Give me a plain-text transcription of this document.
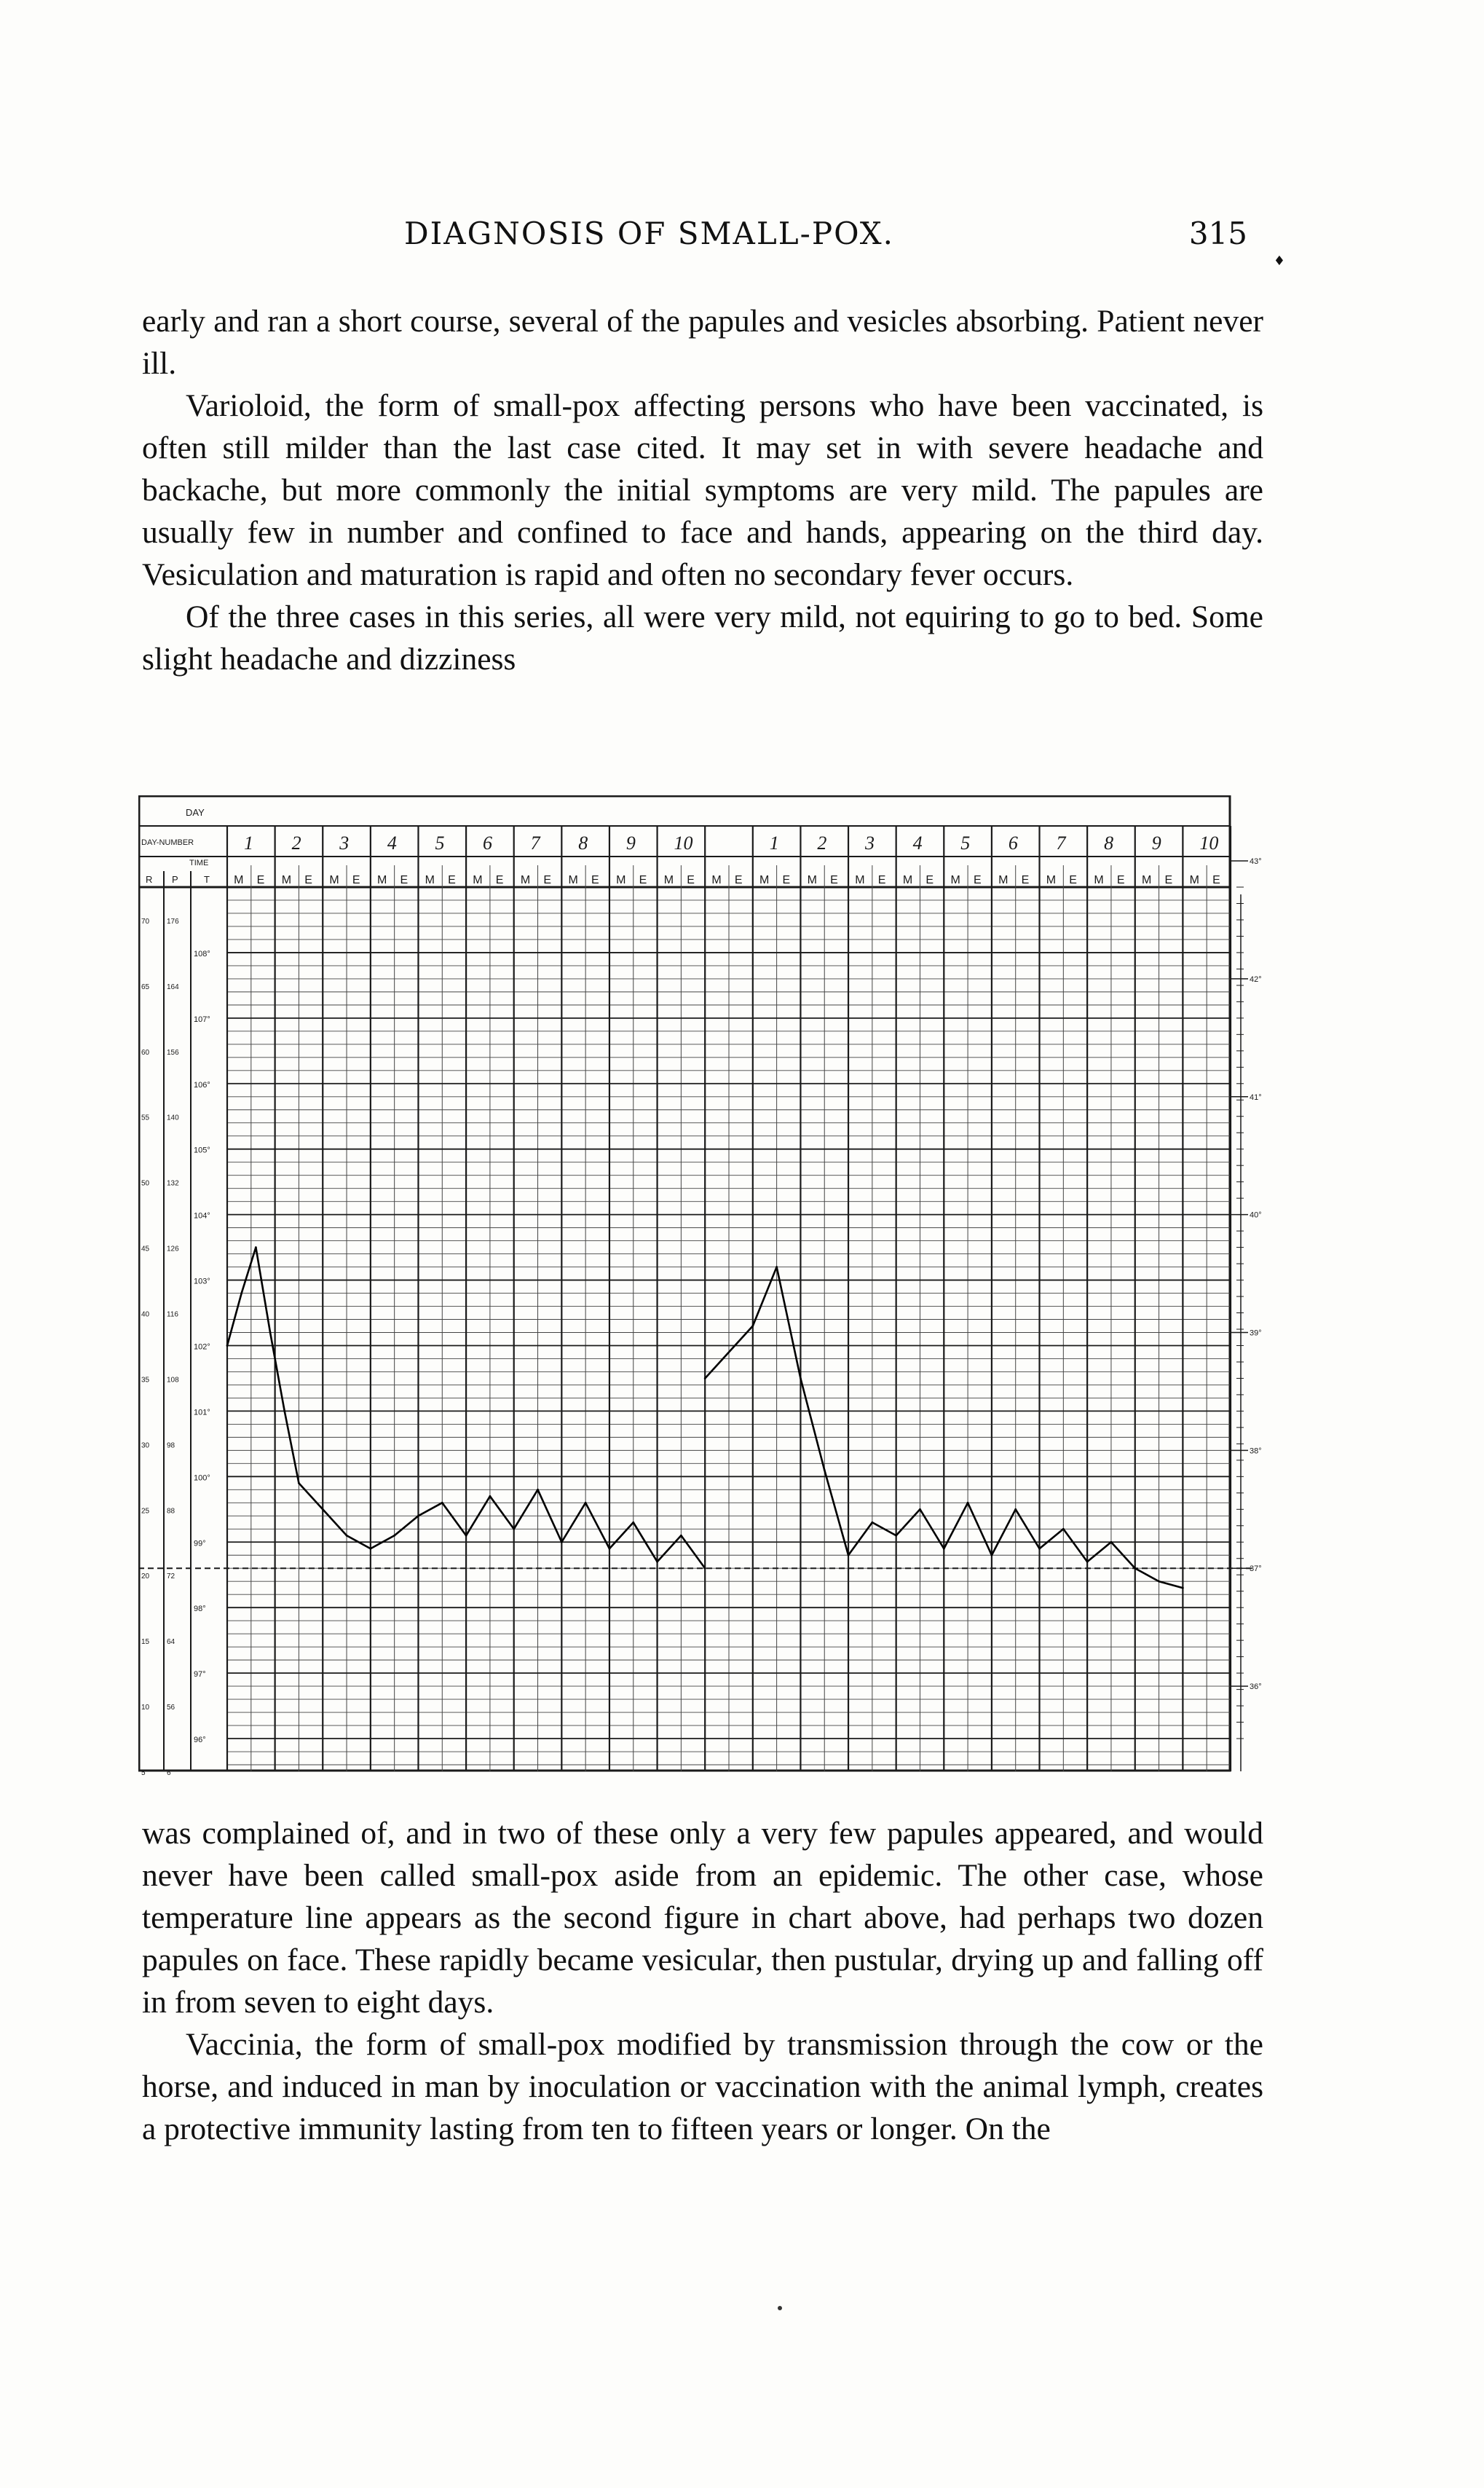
DIAGNOSIS OF SMALL-POX.	315
♦
early and ran a short course, several of the papules and vesicles absorbing. Patient never ill.
Varioloid, the form of small-pox affecting persons who have been vaccinated, is often still milder than the last case cited. It may set in with severe headache and backache, but more commonly the initial symptoms are very mild. The papules are usually few in number and confined to face and hands, appearing on the third day. Vesiculation and maturation is rapid and often no secondary fever occurs.
Of the three cases in this series, all were very mild, not equiring to go to bed. Some slight headache and dizziness
DAY
DAY-NUMBER
TIME
R P	T M E
1
M E
2
M E
3
M E
4
M E
5
M E
6
M E
7
M E
8
M E
9
M E
10
M E M E
1
M E
2
M E
3
M E
4
M E
5
M E
6
M E
7
M E
8
M E
9
M E
10
108°
107°
106°
105°
104°
103°
102°
101°
100°
99°
98°
97°
96°
176
164
156
140
132
126
116
108
98
88
72
64
56
6
70
65
60
55
50
45
40
35
30
25
20
15
10
5
43°
42°
41°
40°
39°
38°
37°
36°
was complained of, and in two of these only a very few papules appeared, and would never have been called small-pox aside from an epidemic. The other case, whose temperature line appears as the second figure in chart above, had perhaps two dozen papules on face. These rapidly became vesicular, then pustular, drying up and falling off in from seven to eight days.
Vaccinia, the form of small-pox modified by transmission through the cow or the horse, and induced in man by inoculation or vaccination with the animal lymph, creates a protective immunity lasting from ten to fifteen years or longer. On the
